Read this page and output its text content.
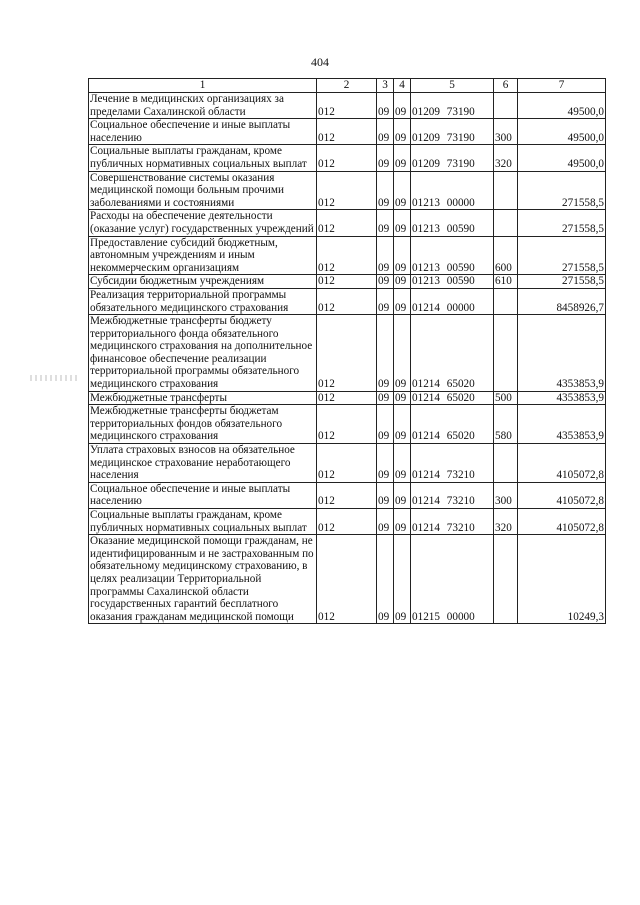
404
1	2	3	4	5	6	7
Лечение в медицинских организациях за пределами Сахалинской области	012	09	09	01209 73190		49500,0
Социальное обеспечение и иные выплаты населению	012	09	09	01209 73190	300	49500,0
Социальные выплаты гражданам, кроме публичных нормативных социальных выплат	012	09	09	01209 73190	320	49500,0
Совершенствование системы оказания медицинской помощи больным прочими заболеваниями и состояниями	012	09	09	01213 00000		271558,5
Расходы на обеспечение деятельности (оказание услуг) государственных учреждений	012	09	09	01213 00590		271558,5
Предоставление субсидий бюджетным, автономным учреждениям и иным некоммерческим организациям	012	09	09	01213 00590	600	271558,5
Субсидии бюджетным учреждениям	012	09	09	01213 00590	610	271558,5
Реализация территориальной программы обязательного медицинского страхования	012	09	09	01214 00000		8458926,7
Межбюджетные трансферты бюджету территориального фонда обязательного медицинского страхования на дополнительное финансовое обеспечение реализации территориальной программы обязательного медицинского страхования	012	09	09	01214 65020		4353853,9
Межбюджетные трансферты	012	09	09	01214 65020	500	4353853,9
Межбюджетные трансферты бюджетам территориальных фондов обязательного медицинского страхования	012	09	09	01214 65020	580	4353853,9
Уплата страховых взносов на обязательное медицинское страхование неработающего населения	012	09	09	01214 73210		4105072,8
Социальное обеспечение и иные выплаты населению	012	09	09	01214 73210	300	4105072,8
Социальные выплаты гражданам, кроме публичных нормативных социальных выплат	012	09	09	01214 73210	320	4105072,8
Оказание медицинской помощи гражданам, не идентифицированным и не застрахованным по обязательному медицинскому страхованию, в целях реализации Территориальной программы Сахалинской области государственных гарантий бесплатного оказания гражданам медицинской помощи	012	09	09	01215 00000		10249,3
